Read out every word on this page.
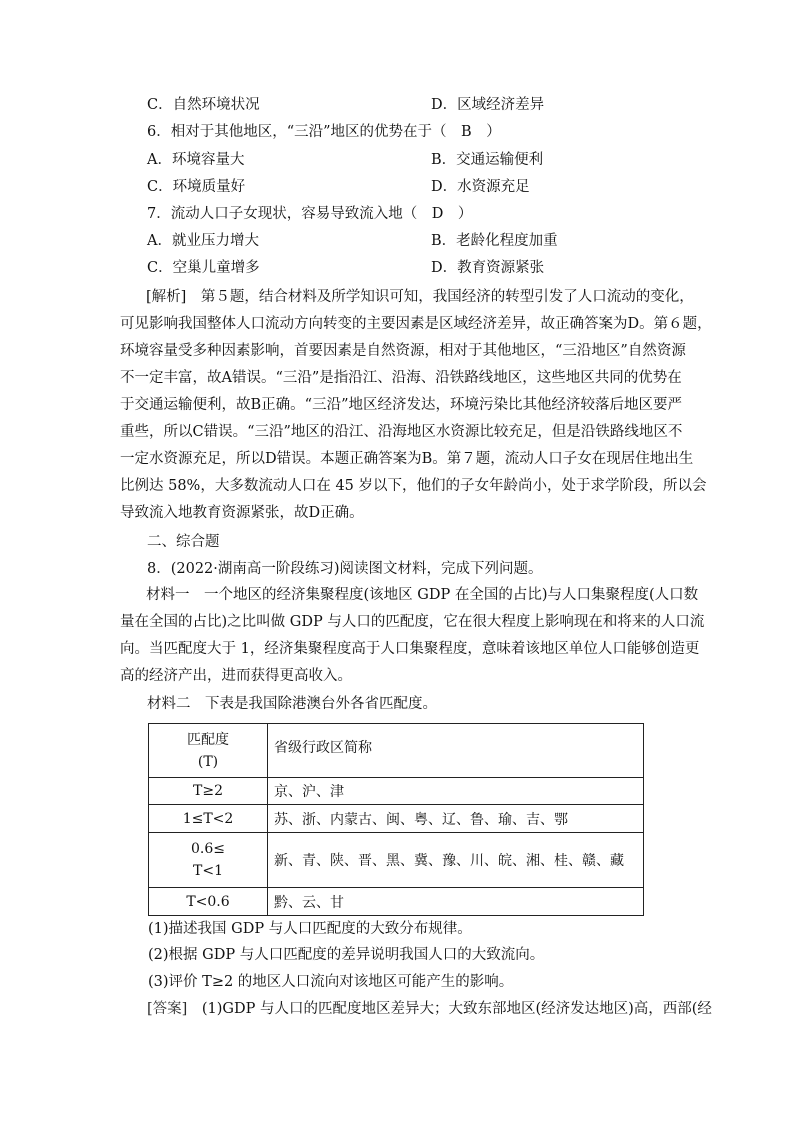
C．自然环境状况	D．区域经济差异
6．相对于其他地区，“三沿”地区的优势在于（　B　）
A．环境容量大	B．交通运输便利
C．环境质量好	D．水资源充足
7．流动人口子女现状，容易导致流入地（　D　）
A．就业压力增大	B．老龄化程度加重
C．空巢儿童增多	D．教育资源紧张
[解析]　第５题，结合材料及所学知识可知，我国经济的转型引发了人口流动的变化，
可见影响我国整体人口流动方向转变的主要因素是区域经济差异，故正确答案为D。第６题，
环境容量受多种因素影响，首要因素是自然资源，相对于其他地区，“三沿地区”自然资源
不一定丰富，故A错误。“三沿”是指沿江、沿海、沿铁路线地区，这些地区共同的优势在
于交通运输便利，故B正确。“三沿”地区经济发达，环境污染比其他经济较落后地区要严
重些，所以C错误。“三沿”地区的沿江、沿海地区水资源比较充足，但是沿铁路线地区不
一定水资源充足，所以D错误。本题正确答案为B。第７题，流动人口子女在现居住地出生
比例达 58%，大多数流动人口在 45 岁以下，他们的子女年龄尚小，处于求学阶段，所以会
导致流入地教育资源紧张，故D正确。
二、综合题
8．(2022·湖南高一阶段练习)阅读图文材料，完成下列问题。
材料一　一个地区的经济集聚程度(该地区 GDP 在全国的占比)与人口集聚程度(人口数
量在全国的占比)之比叫做 GDP 与人口的匹配度，它在很大程度上影响现在和将来的人口流
向。当匹配度大于 1，经济集聚程度高于人口集聚程度，意味着该地区单位人口能够创造更
高的经济产出，进而获得更高收入。
材料二　下表是我国除港澳台外各省匹配度。
匹配度
(T)	省级行政区简称
T≥2	京、沪、津
1≤T<2	苏、浙、内蒙古、闽、粤、辽、鲁、瑜、吉、鄂

0.6≤
T<1	新、青、陕、晋、黑、冀、豫、川、皖、湘、桂、赣、藏
T<0.6	黔、云、甘
(1)描述我国 GDP 与人口匹配度的大致分布规律。
(2)根据 GDP 与人口匹配度的差异说明我国人口的大致流向。
(3)评价 T≥2 的地区人口流向对该地区可能产生的影响。
[答案]　(1)GDP 与人口的匹配度地区差异大；大致东部地区(经济发达地区)高，西部(经
